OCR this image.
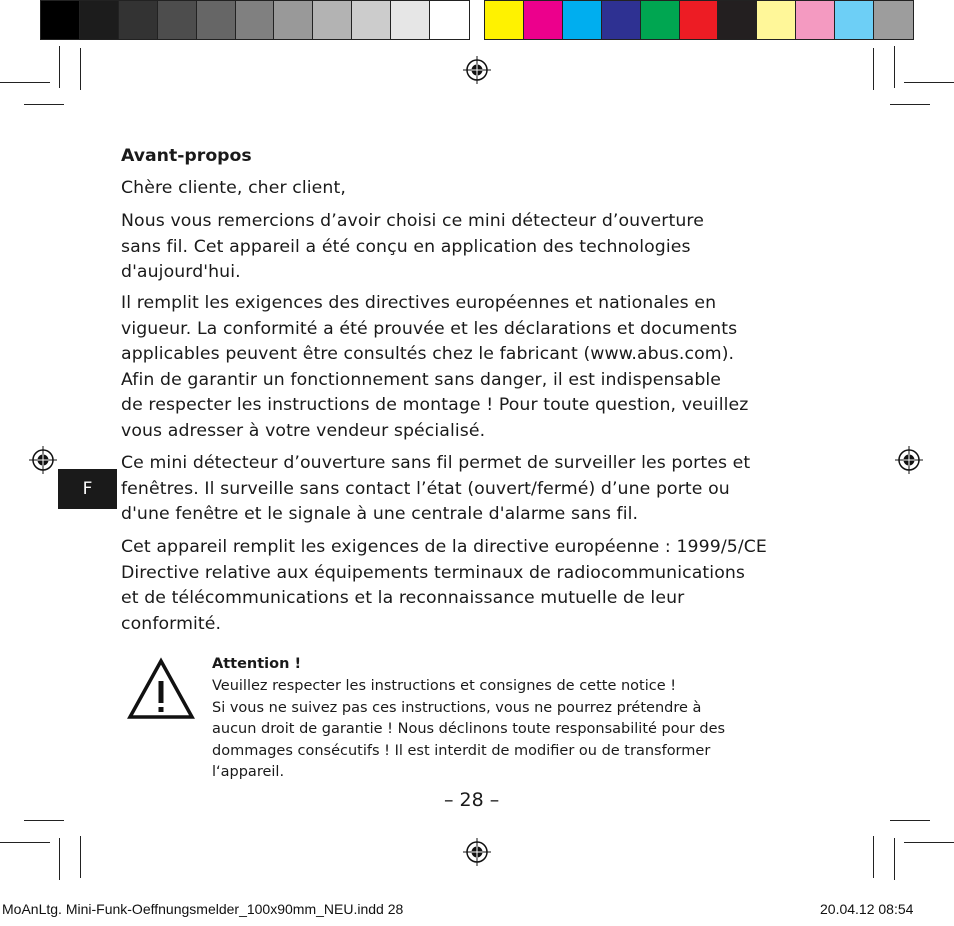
Avant-propos
Chère cliente, cher client,
Nous vous remercions d’avoir choisi ce mini détecteur d’ouverture
sans fil. Cet appareil a été conçu en application des technologies
d'aujourd'hui.
Il remplit les exigences des directives européennes et nationales en
vigueur. La conformité a été prouvée et les déclarations et documents
applicables peuvent être consultés chez le fabricant (www.abus.com).
Afin de garantir un fonctionnement sans danger, il est indispensable
de respecter les instructions de montage ! Pour toute question, veuillez
vous adresser à votre vendeur spécialisé.
Ce mini détecteur d’ouverture sans fil permet de surveiller les portes et
fenêtres. Il surveille sans contact l’état (ouvert/fermé) d’une porte ou
d'une fenêtre et le signale à une centrale d'alarme sans fil.
Cet appareil remplit les exigences de la directive européenne : 1999/5/CE
Directive relative aux équipements terminaux de radiocommunications
et de télécommunications et la reconnaissance mutuelle de leur
conformité.
F
Attention !
Veuillez respecter les instructions et consignes de cette notice !
Si vous ne suivez pas ces instructions, vous ne pourrez prétendre à
aucun droit de garantie ! Nous déclinons toute responsabilité pour des
dommages consécutifs ! Il est interdit de modifier ou de transformer
l‘appareil.
– 28 –
MoAnLtg. Mini-Funk-Oeffnungsmelder_100x90mm_NEU.indd 28	20.04.12 08:54
